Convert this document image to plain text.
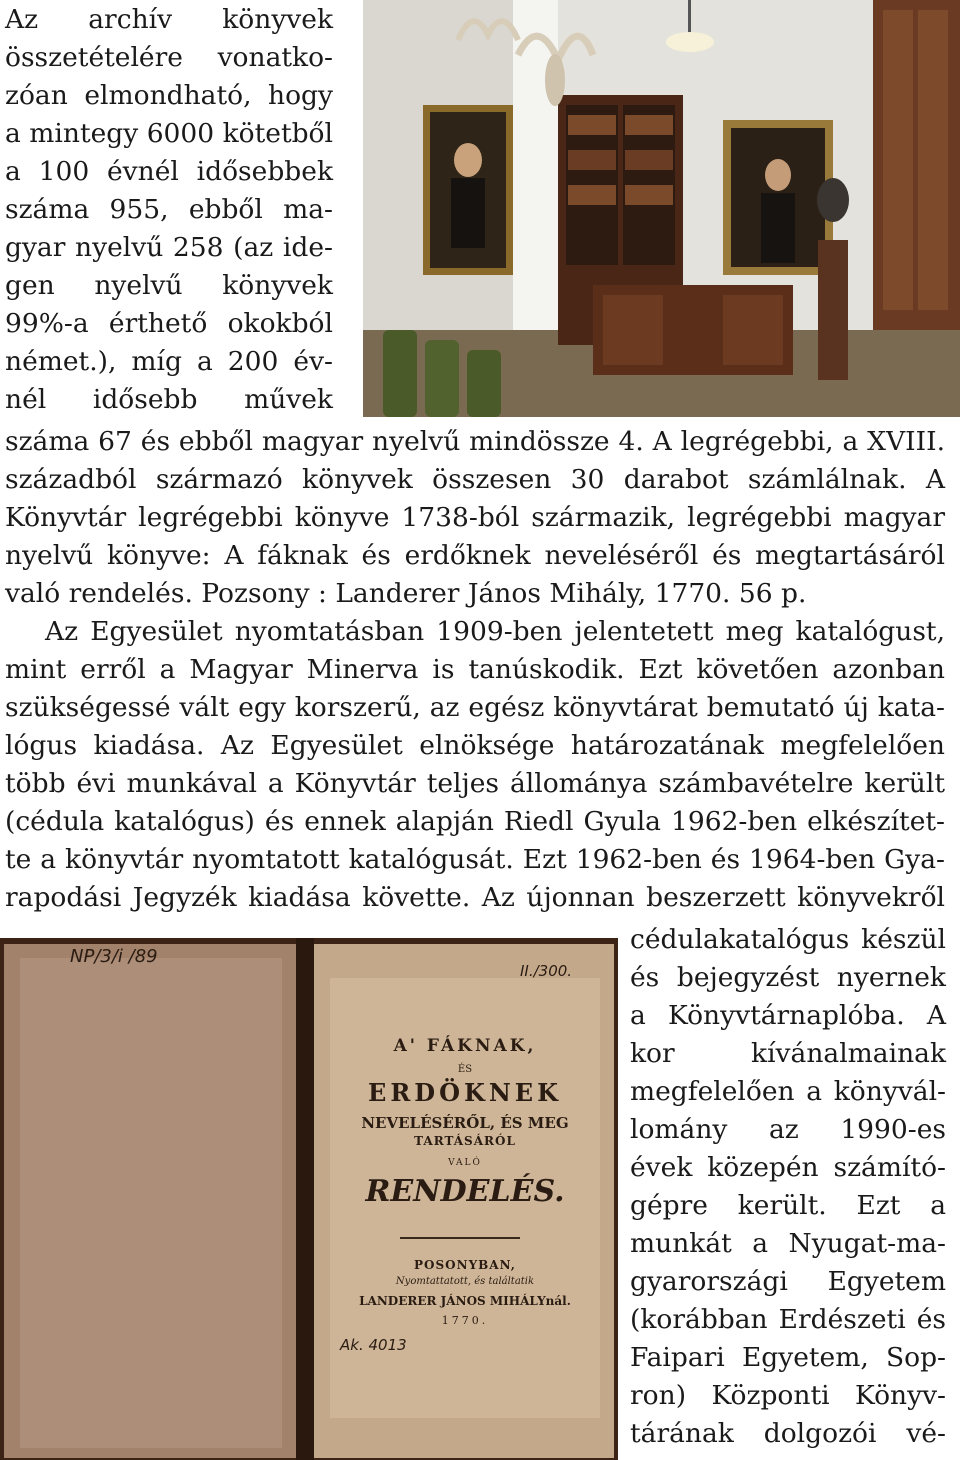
Az archív könyvek
összetételére vonatko-
zóan elmondható, hogy
a mintegy 6000 kötetből
a 100 évnél idősebbek
száma 955, ebből ma-
gyar nyelvű 258 (az ide-
gen nyelvű könyvek
99%-a érthető okokból
német.), míg a 200 év-
nél idősebb művek
száma 67 és ebből magyar nyelvű mindössze 4. A legrégebbi, a XVIII.
századból származó könyvek összesen 30 darabot számlálnak. A
Könyvtár legrégebbi könyve 1738-ból származik, legrégebbi magyar
nyelvű könyve: A fáknak és erdőknek neveléséről és megtartásáról
való rendelés. Pozsony : Landerer János Mihály, 1770. 56 p.
Az Egyesület nyomtatásban 1909-ben jelentetett meg katalógust,
mint erről a Magyar Minerva is tanúskodik. Ezt követően azonban
szükségessé vált egy korszerű, az egész könyvtárat bemutató új kata-
lógus kiadása. Az Egyesület elnöksége határozatának megfelelően
több évi munkával a Könyvtár teljes állománya számbavételre került
(cédula katalógus) és ennek alapján Riedl Gyula 1962-ben elkészítet-
te a könyvtár nyomtatott katalógusát. Ezt 1962-ben és 1964-ben Gya-
rapodási Jegyzék kiadása követte. Az újonnan beszerzett könyvekről
NP/3/i /89
II./300.
A' FÁKNAK,
ÉS
ERDÖKNEK
NEVELÉSÉRŐL, ÉS MEG
TARTÁSÁRÓL
VALÓ
RENDELÉS.
POSONYBAN,
Nyomtattatott, és találtatik
LANDERER JÁNOS MIHÁLYnál.
1770.
Ak. 4013
cédulakatalógus készül
és bejegyzést nyernek
a Könyvtárnaplóba. A
kor kívánalmainak
megfelelően a könyvál-
lomány az 1990-es
évek közepén számító-
gépre került. Ezt a
munkát a Nyugat-ma-
gyarországi Egyetem
(korábban Erdészeti és
Faipari Egyetem, Sop-
ron) Központi Könyv-
tárának dolgozói vé-
